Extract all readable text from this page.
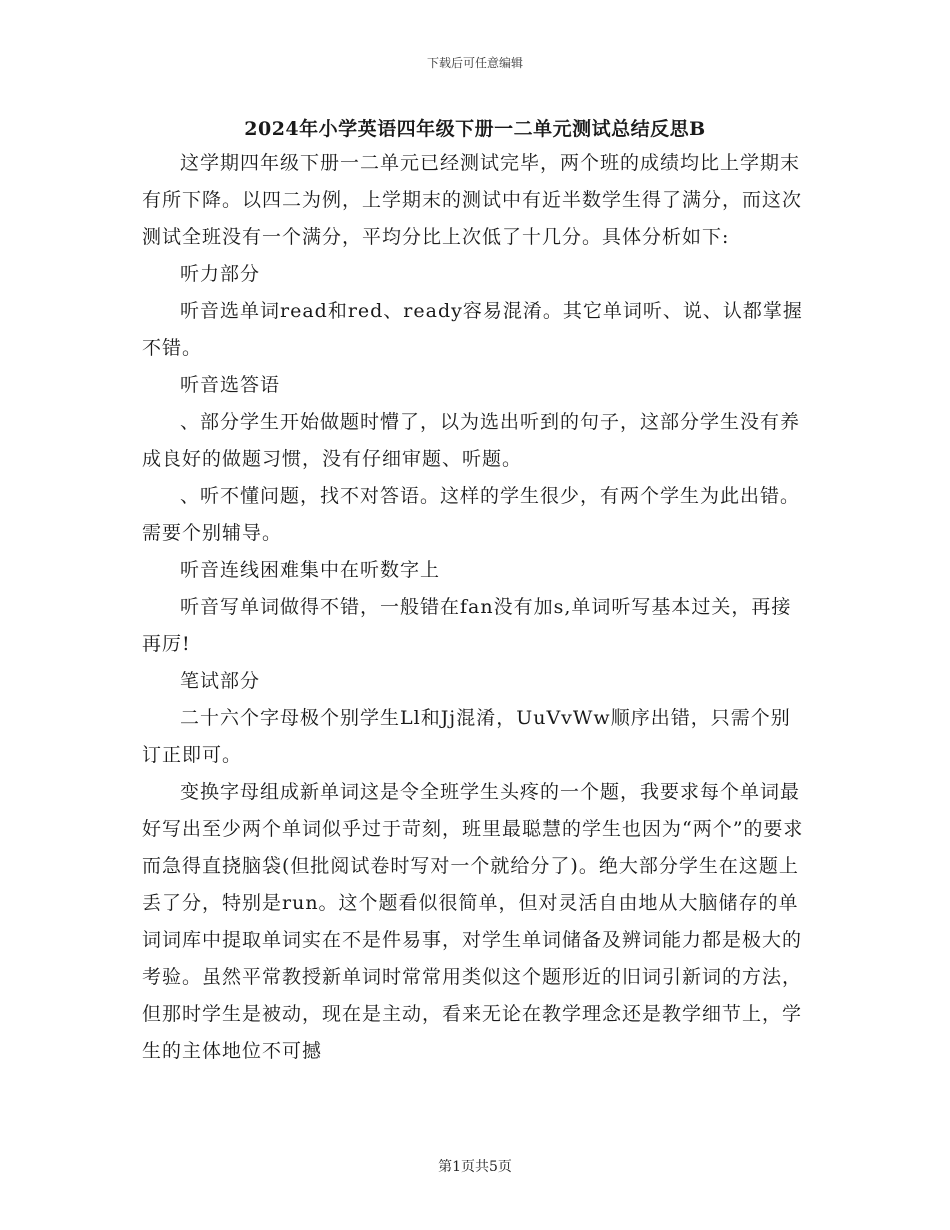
下载后可任意编辑
2024年小学英语四年级下册一二单元测试总结反思B

这学期四年级下册一二单元已经测试完毕，两个班的成绩均比上学期末有所下降。以四二为例，上学期末的测试中有近半数学生得了满分，而这次测试全班没有一个满分，平均分比上次低了十几分。具体分析如下:

听力部分

听音选单词read和red、ready容易混淆。其它单词听、说、认都掌握不错。

听音选答语

、部分学生开始做题时懵了，以为选出听到的句子，这部分学生没有养成良好的做题习惯，没有仔细审题、听题。

、听不懂问题，找不对答语。这样的学生很少，有两个学生为此出错。需要个别辅导。

听音连线困难集中在听数字上

听音写单词做得不错，一般错在fan没有加s,单词听写基本过关，再接再厉!

笔试部分

二十六个字母极个别学生Ll和Jj混淆，UuVvWw顺序出错，只需个别订正即可。

变换字母组成新单词这是令全班学生头疼的一个题，我要求每个单词最好写出至少两个单词似乎过于苛刻，班里最聪慧的学生也因为“两个”的要求而急得直挠脑袋(但批阅试卷时写对一个就给分了)。绝大部分学生在这题上丢了分，特别是run。这个题看似很简单，但对灵活自由地从大脑储存的单词词库中提取单词实在不是件易事，对学生单词储备及辨词能力都是极大的考验。虽然平常教授新单词时常常用类似这个题形近的旧词引新词的方法，但那时学生是被动，现在是主动，看来无论在教学理念还是教学细节上，学生的主体地位不可撼

第1页共5页
